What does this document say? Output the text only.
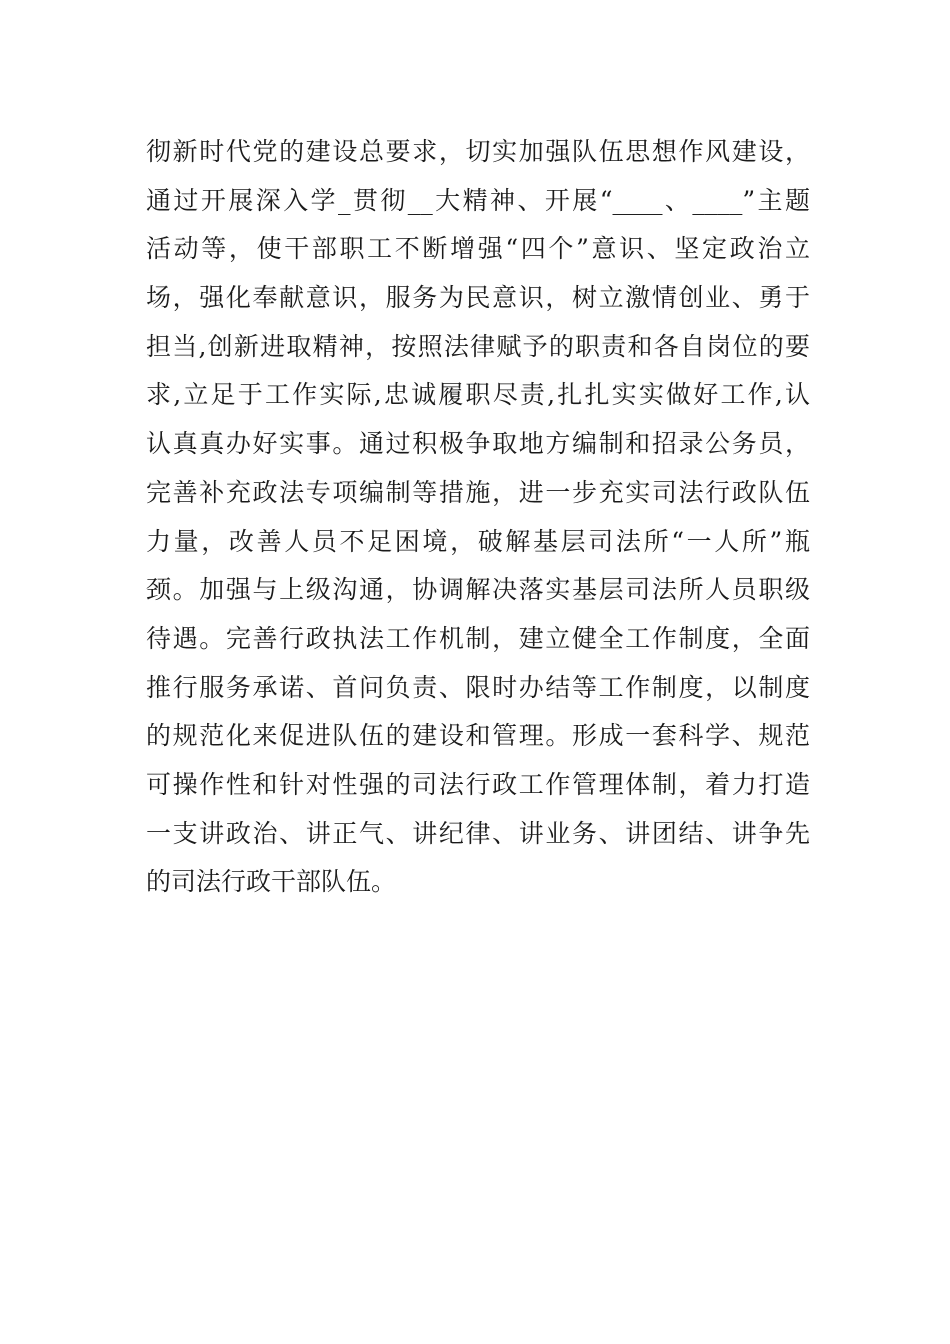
彻新时代党的建设总要求，切实加强队伍思想作风建设，
通过开展深入学_贯彻__大精神、开展“____、____”主题
活动等，使干部职工不断增强“四个”意识、坚定政治立
场，强化奉献意识，服务为民意识，树立激情创业、勇于
担当,创新进取精神，按照法律赋予的职责和各自岗位的要
求,立足于工作实际,忠诚履职尽责,扎扎实实做好工作,认
认真真办好实事。通过积极争取地方编制和招录公务员，
完善补充政法专项编制等措施，进一步充实司法行政队伍
力量，改善人员不足困境，破解基层司法所“一人所”瓶
颈。加强与上级沟通，协调解决落实基层司法所人员职级
待遇。完善行政执法工作机制，建立健全工作制度，全面
推行服务承诺、首问负责、限时办结等工作制度，以制度
的规范化来促进队伍的建设和管理。形成一套科学、规范
可操作性和针对性强的司法行政工作管理体制，着力打造
一支讲政治、讲正气、讲纪律、讲业务、讲团结、讲争先
的司法行政干部队伍。
